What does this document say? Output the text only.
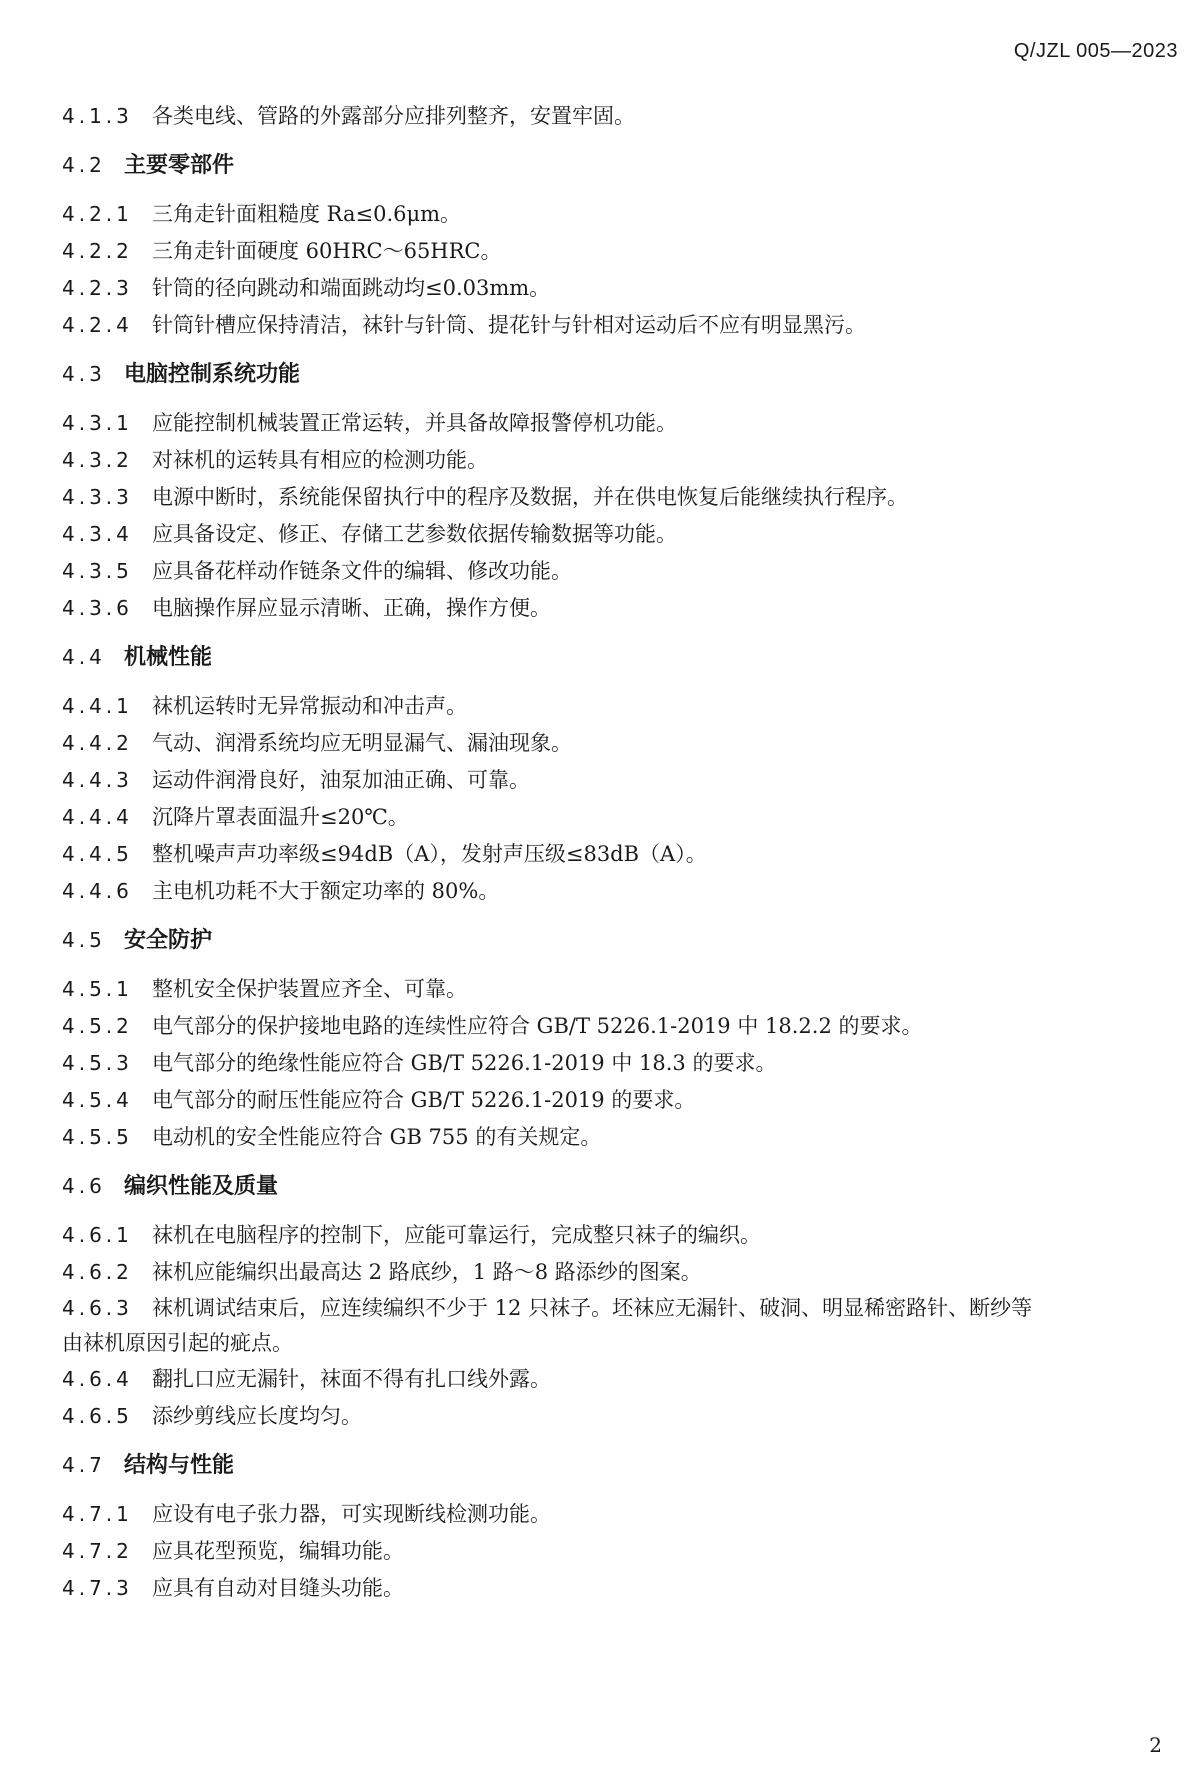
Q/JZL 005—2023
4.1.3 各类电线、管路的外露部分应排列整齐，安置牢固。
4.2 主要零部件
4.2.1 三角走针面粗糙度 Ra≤0.6μm。
4.2.2 三角走针面硬度 60HRC～65HRC。
4.2.3 针筒的径向跳动和端面跳动均≤0.03mm。
4.2.4 针筒针槽应保持清洁，袜针与针筒、提花针与针相对运动后不应有明显黑污。
4.3 电脑控制系统功能
4.3.1 应能控制机械装置正常运转，并具备故障报警停机功能。
4.3.2 对袜机的运转具有相应的检测功能。
4.3.3 电源中断时，系统能保留执行中的程序及数据，并在供电恢复后能继续执行程序。
4.3.4 应具备设定、修正、存储工艺参数依据传输数据等功能。
4.3.5 应具备花样动作链条文件的编辑、修改功能。
4.3.6 电脑操作屏应显示清晰、正确，操作方便。
4.4 机械性能
4.4.1 袜机运转时无异常振动和冲击声。
4.4.2 气动、润滑系统均应无明显漏气、漏油现象。
4.4.3 运动件润滑良好，油泵加油正确、可靠。
4.4.4 沉降片罩表面温升≤20℃。
4.4.5 整机噪声声功率级≤94dB（A），发射声压级≤83dB（A）。
4.4.6 主电机功耗不大于额定功率的 80%。
4.5 安全防护
4.5.1 整机安全保护装置应齐全、可靠。
4.5.2 电气部分的保护接地电路的连续性应符合 GB/T 5226.1-2019 中 18.2.2 的要求。
4.5.3 电气部分的绝缘性能应符合 GB/T 5226.1-2019 中 18.3 的要求。
4.5.4 电气部分的耐压性能应符合 GB/T 5226.1-2019 的要求。
4.5.5 电动机的安全性能应符合 GB 755 的有关规定。
4.6 编织性能及质量
4.6.1 袜机在电脑程序的控制下，应能可靠运行，完成整只袜子的编织。
4.6.2 袜机应能编织出最高达 2 路底纱，1 路～8 路添纱的图案。
4.6.3 袜机调试结束后，应连续编织不少于 12 只袜子。坯袜应无漏针、破洞、明显稀密路针、断纱等
由袜机原因引起的疵点。
4.6.4 翻扎口应无漏针，袜面不得有扎口线外露。
4.6.5 添纱剪线应长度均匀。
4.7 结构与性能
4.7.1 应设有电子张力器，可实现断线检测功能。
4.7.2 应具花型预览，编辑功能。
4.7.3 应具有自动对目缝头功能。
2
